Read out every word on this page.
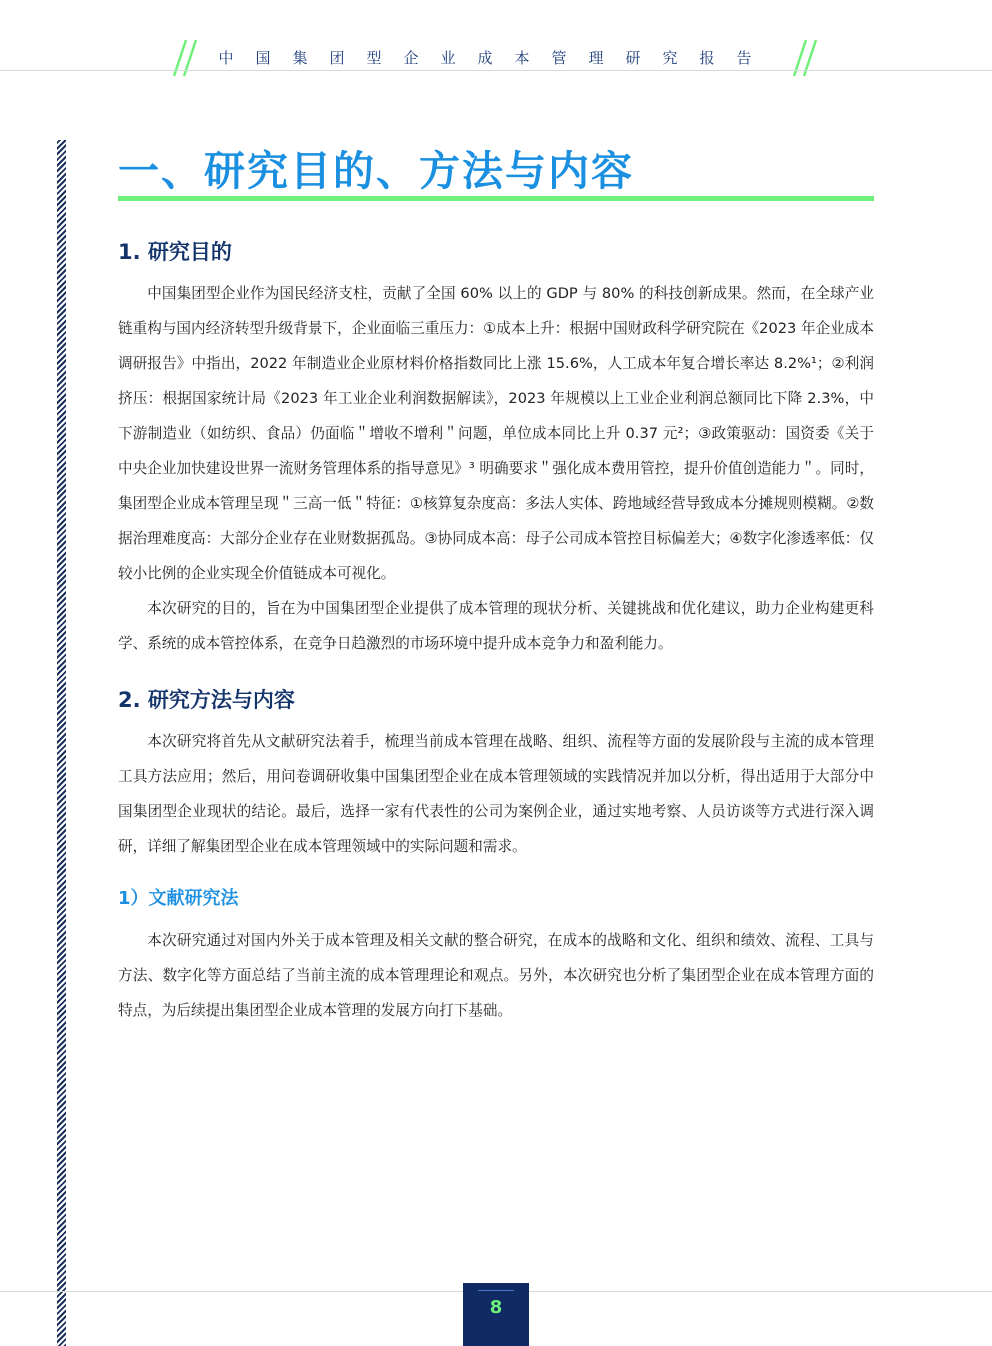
中国集团型企业成本管理研究报告
一、研究目的、方法与内容
1. 研究目的

中国集团型企业作为国民经济支柱，贡献了全国 60% 以上的 GDP 与 80% 的科技创新成果。然而，在全球产业链重构与国内经济转型升级背景下，企业面临三重压力：①成本上升：根据中国财政科学研究院在《2023 年企业成本调研报告》中指出，2022 年制造业企业原材料价格指数同比上涨 15.6%，人工成本年复合增长率达 8.2%¹；②利润挤压：根据国家统计局《2023 年工业企业利润数据解读》，2023 年规模以上工业企业利润总额同比下降 2.3%，中下游制造业（如纺织、食品）仍面临＂增收不增利＂问题，单位成本同比上升 0.37 元²；③政策驱动：国资委《关于中央企业加快建设世界一流财务管理体系的指导意见》³ 明确要求＂强化成本费用管控，提升价值创造能力＂。同时，集团型企业成本管理呈现＂三高一低＂特征：①核算复杂度高：多法人实体、跨地域经营导致成本分摊规则模糊。②数据治理难度高：大部分企业存在业财数据孤岛。③协同成本高：母子公司成本管控目标偏差大；④数字化渗透率低：仅较小比例的企业实现全价值链成本可视化。

本次研究的目的，旨在为中国集团型企业提供了成本管理的现状分析、关键挑战和优化建议，助力企业构建更科学、系统的成本管控体系，在竞争日趋激烈的市场环境中提升成本竞争力和盈利能力。

2. 研究方法与内容

本次研究将首先从文献研究法着手，梳理当前成本管理在战略、组织、流程等方面的发展阶段与主流的成本管理工具方法应用；然后，用问卷调研收集中国集团型企业在成本管理领域的实践情况并加以分析，得出适用于大部分中国集团型企业现状的结论。最后，选择一家有代表性的公司为案例企业，通过实地考察、人员访谈等方式进行深入调研，详细了解集团型企业在成本管理领域中的实际问题和需求。

1）文献研究法

本次研究通过对国内外关于成本管理及相关文献的整合研究，在成本的战略和文化、组织和绩效、流程、工具与方法、数字化等方面总结了当前主流的成本管理理论和观点。另外，本次研究也分析了集团型企业在成本管理方面的特点，为后续提出集团型企业成本管理的发展方向打下基础。

8
